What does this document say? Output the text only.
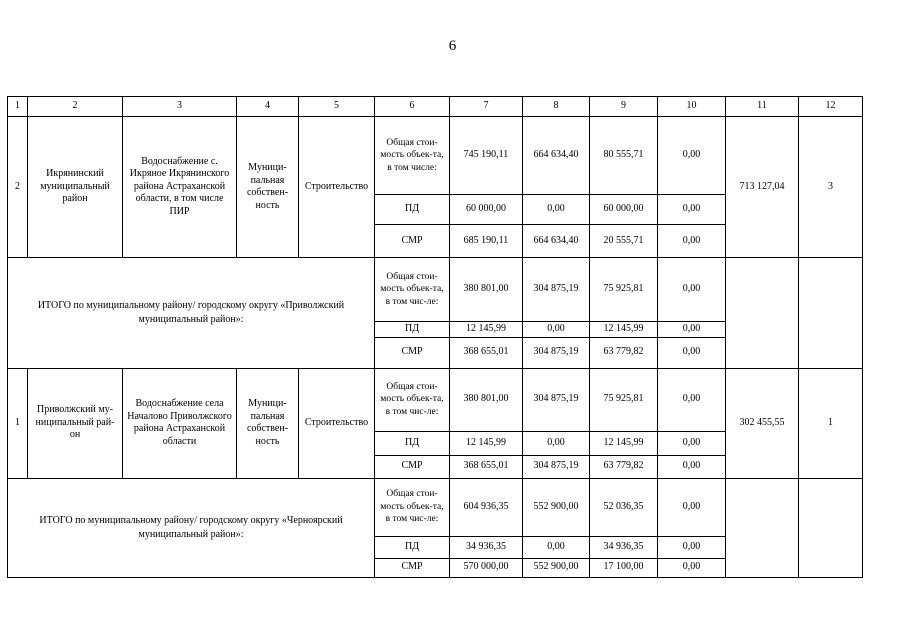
6
1	2	3	4	5	6	7	8	9	10	11	12
2	Икрянинский муниципальный район	Водоснабжение с. Икряное Икрянинского района Астраханской области, в том числе ПИР	Муници-пальная собствен-ность	Строительство	Общая стои-мость объек-та, в том числе:	745 190,11	664 634,40	80 555,71	0,00	713 127,04	3
					ПД	60 000,00	0,00	60 000,00	0,00		
					СМР	685 190,11	664 634,40	20 555,71	0,00		
ИТОГО по муниципальному району/ городскому округу «Приволжский муниципальный район»:					Общая стои-мость объек-та, в том чис-ле:	380 801,00	304 875,19	75 925,81	0,00		
					ПД	12 145,99	0,00	12 145,99	0,00		
					СМР	368 655,01	304 875,19	63 779,82	0,00		
1	Приволжский му-ниципальный рай-он	Водоснабжение села Началово Приволжского района Астраханской области	Муници-пальная собствен-ность	Строительство	Общая стои-мость объек-та, в том чис-ле:	380 801,00	304 875,19	75 925,81	0,00	302 455,55	1
					ПД	12 145,99	0,00	12 145,99	0,00		
					СМР	368 655,01	304 875,19	63 779,82	0,00		
ИТОГО по муниципальному району/ городскому округу «Черноярский муниципальный район»:					Общая стои-мость объек-та, в том чис-ле:	604 936,35	552 900,00	52 036,35	0,00		
					ПД	34 936,35	0,00	34 936,35	0,00		
					СМР	570 000,00	552 900,00	17 100,00	0,00		
